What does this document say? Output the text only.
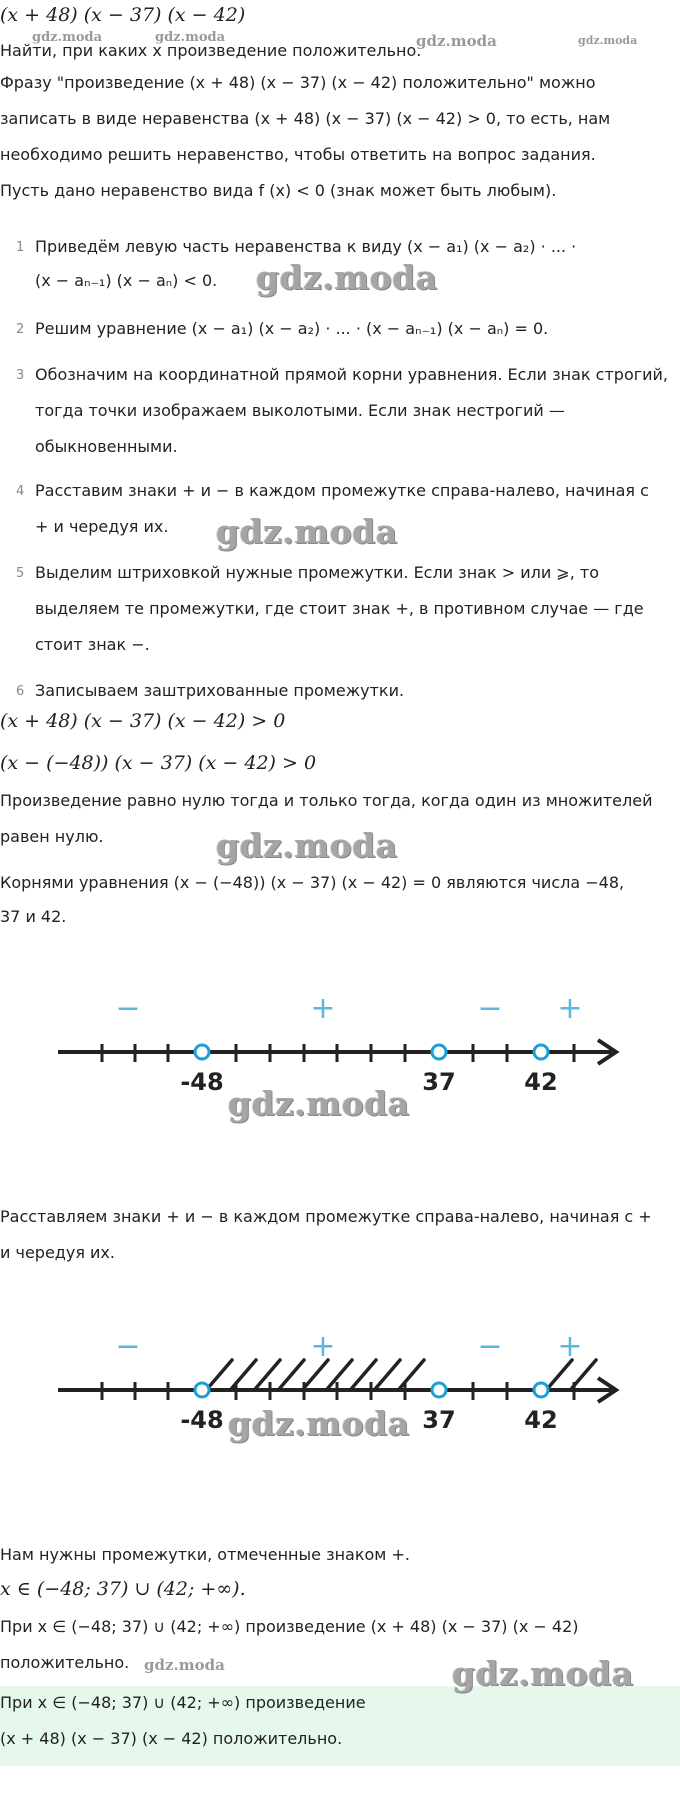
(x + 48) (x − 37) (x − 42)
Найти, при каких x произведение положительно.
Фразу "произведение (x + 48) (x − 37) (x − 42) положительно" можно
записать в виде неравенства (x + 48) (x − 37) (x − 42) > 0, то есть, нам
необходимо решить неравенство, чтобы ответить на вопрос задания.
Пусть дано неравенство вида f (x) < 0 (знак может быть любым).
1 Приведём левую часть неравенства к виду (x − a₁) (x − a₂) · ... ·
(x − aₙ₋₁) (x − aₙ) < 0.
2 Решим уравнение (x − a₁) (x − a₂) · ... · (x − aₙ₋₁) (x − aₙ) = 0.
3 Обозначим на координатной прямой корни уравнения. Если знак строгий,
тогда точки изображаем выколотыми. Если знак нестрогий —
обыкновенными.
4 Расставим знаки + и − в каждом промежутке справа-налево, начиная с
+ и чередуя их.
5 Выделим штриховкой нужные промежутки. Если знак > или ⩾, то
выделяем те промежутки, где стоит знак +, в противном случае — где
стоит знак −.
6 Записываем заштрихованные промежутки.
(x + 48) (x − 37) (x − 42) > 0
(x − (−48)) (x − 37) (x − 42) > 0
Произведение равно нулю тогда и только тогда, когда один из множителей
равен нулю.
Корнями уравнения (x − (−48)) (x − 37) (x − 42) = 0 являются числа −48,
37 и 42.
-48	37	42
−	+	− +
Расставляем знаки + и − в каждом промежутке справа-налево, начиная с +
и чередуя их.
-48	37	42
−	+	− +
Нам нужны промежутки, отмеченные знаком +.
x ∈ (−48; 37) ∪ (42; +∞).
При x ∈ (−48; 37) ∪ (42; +∞) произведение (x + 48) (x − 37) (x − 42)
положительно.
При x ∈ (−48; 37) ∪ (42; +∞) произведение
(x + 48) (x − 37) (x − 42) положительно.
gdz.moda	gdz.moda	gdz.moda	gdz.moda
gdz.moda
gdz.moda
gdz.moda
gdz.moda
gdz.moda
gdz.moda	gdz.moda
